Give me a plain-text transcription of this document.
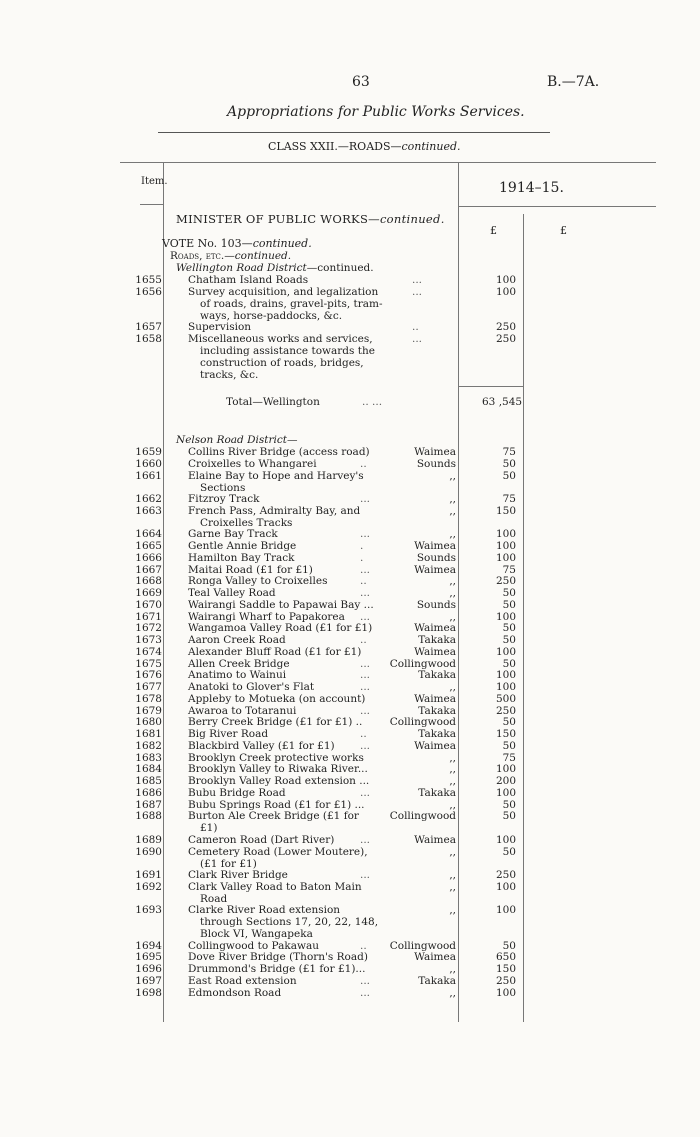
63	B.—7A.
Appropriations for Public Works Services.
CLASS XXII.—ROADS—continued.
Item.	1914–15.
MINISTER OF PUBLIC WORKS—continued.
£	£
VOTE No. 103—continued.
Roads, etc.—continued.
Wellington Road District—continued.
1655 Chatham Island Roads	...	100
1656 Survey acquisition, and legalization
of roads, drains, gravel-pits, tram-
ways, horse-paddocks, &c.
...	100
1657 Supervision	..	250
1658 Miscellaneous works and services,
including assistance towards the
construction of roads, bridges,
tracks, &c.
...	250
Total—Wellington	.. ...	63 ,545
Nelson Road District—
1659 Collins River Bridge (access road)	Waimea	75
1660 Croixelles to Whangarei	..	Sounds	50
1661 Elaine Bay to Hope and Harvey's
Sections
,,	50
1662 Fitzroy Track	...	,,	75
1663 French Pass, Admiralty Bay, and
Croixelles Tracks
,,	150
1664 Garne Bay Track	...	,,	100
1665 Gentle Annie Bridge	.	Waimea	100
1666 Hamilton Bay Track	.	Sounds	100
1667 Maitai Road (£1 for £1)	...	Waimea	75
1668 Ronga Valley to Croixelles	..	,,	250
1669 Teal Valley Road	...	,,	50
1670 Wairangi Saddle to Papawai Bay ...	Sounds	50
1671 Wairangi Wharf to Papakorea	...	,,	100
1672 Wangamoa Valley Road (£1 for £1)	Waimea	50
1673 Aaron Creek Road	..	Takaka	50
1674 Alexander Bluff Road (£1 for £1)	Waimea	100
1675 Allen Creek Bridge	...	Collingwood	50
1676 Anatimo to Wainui	...	Takaka	100
1677 Anatoki to Glover's Flat	...	,,	100
1678 Appleby to Motueka (on account)	Waimea	500
1679 Awaroa to Totaranui	...	Takaka	250
1680 Berry Creek Bridge (£1 for £1) ..	Collingwood	50
1681 Big River Road	..	Takaka	150
1682 Blackbird Valley (£1 for £1)	...	Waimea	50
1683 Brooklyn Creek protective works	,,	75
1684 Brooklyn Valley to Riwaka River...	,,	100
1685 Brooklyn Valley Road extension ...	,,	200
1686 Bubu Bridge Road	...	Takaka	100
1687 Bubu Springs Road (£1 for £1) ...	,,	50
1688 Burton Ale Creek Bridge (£1 for
£1)
Collingwood	50
1689 Cameron Road (Dart River)	...	Waimea	100
1690 Cemetery Road (Lower Moutere),
(£1 for £1)
,,	50
1691 Clark River Bridge	...	,,	250
1692 Clark Valley Road to Baton Main
Road
,,	100
1693 Clarke River Road extension
through Sections 17, 20, 22, 148,
Block VI, Wangapeka
,,	100
1694 Collingwood to Pakawau	..	Collingwood	50
1695 Dove River Bridge (Thorn's Road)	Waimea	650
1696 Drummond's Bridge (£1 for £1)...	,,	150
1697 East Road extension	...	Takaka	250
1698 Edmondson Road	...	,,	100
